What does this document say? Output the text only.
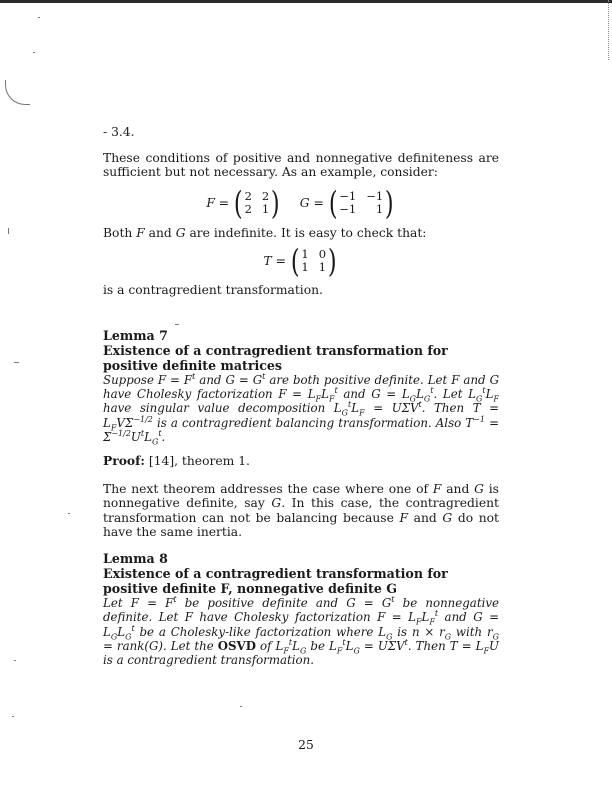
- 3.4.

These conditions of positive and nonnegative definiteness are sufficient but not necessary. As an example, consider:

F = ( 2 2
2 1 ) G = ( −1 −1
−1	1 )

Both F and G are indefinite. It is easy to check that:

T = ( 1 0
1 1 )

is a contragredient transformation.

Lemma 7
Existence of a contragredient transformation for positive definite matrices
Suppose $F = F^t$ and $G = G^t$ are both positive definite. Let F and G have Cholesky factorization $F = L_FL_F^t$ and $G = L_GL_G^t$. Let $L_G^tL_F$ have singular value decomposition $L_G^tL_F = U\Sigma V^t$. Then $T = L_FV\Sigma^{-1/2}$ is a contragredient balancing transformation. Also $T^{-1} = \Sigma^{-1/2}U^tL_G^t$.

Proof: [14], theorem 1.

The next theorem addresses the case where one of F and G is nonnegative definite, say G. In this case, the contragredient transformation can not be balancing because F and G do not have the same inertia.

Lemma 8
Existence of a contragredient transformation for positive definite F, nonnegative definite G
Let $F = F^t$ be positive definite and $G = G^t$ be nonnegative definite. Let F have Cholesky factorization $F = L_FL_F^t$ and $G = L_GL_G^t$ be a Cholesky-like factorization where $L_G$ is $n \times r_G$ with $r_G$ = rank(G). Let the OSVD of $L_F^tL_G$ be $L_F^tL_G = U\Sigma V^t$. Then $T = L_FU$ is a contragredient transformation.
25
